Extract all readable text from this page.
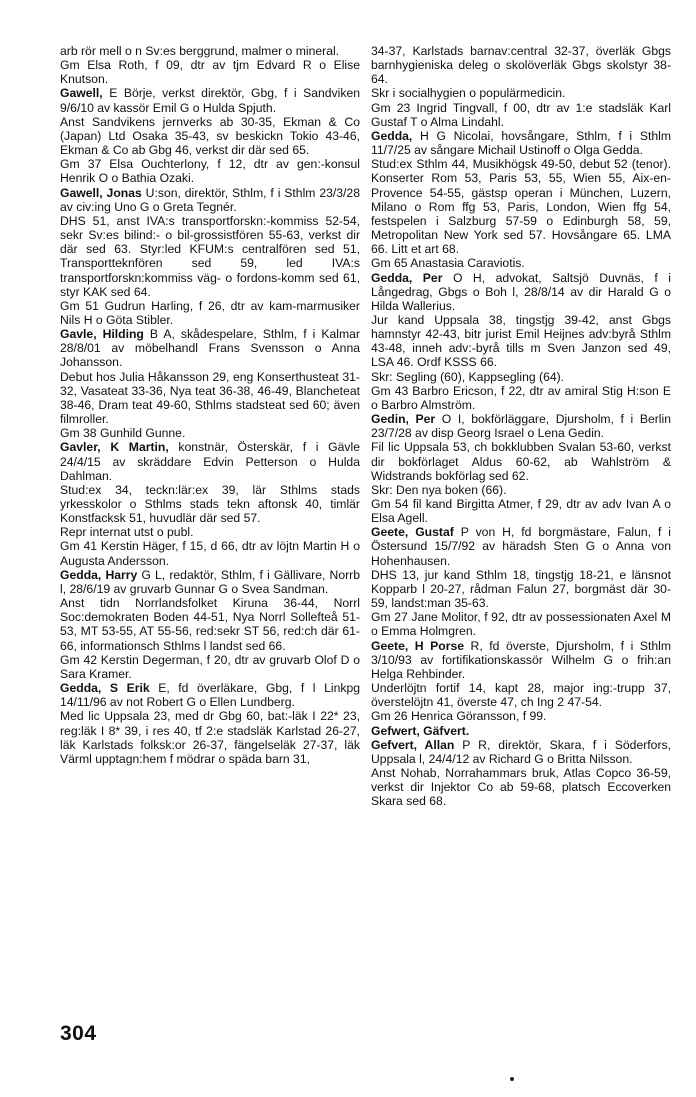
arb rör mell o n Sv:es berggrund, malmer o mineral.

Gm Elsa Roth, f 09, dtr av tjm Edvard R o Elise Knutson.

Gawell, E Börje, verkst direktör, Gbg, f i Sandviken 9/6/10 av kassör Emil G o Hulda Spjuth.

Anst Sandvikens jernverks ab 30-35, Ekman & Co (Japan) Ltd Osaka 35-43, sv beskickn Tokio 43-46, Ekman & Co ab Gbg 46, verkst dir där sed 65.

Gm 37 Elsa Ouchterlony, f 12, dtr av gen:-konsul Henrik O o Bathia Ozaki.

Gawell, Jonas U:son, direktör, Sthlm, f i Sthlm 23/3/28 av civ:ing Uno G o Greta Tegnér.

DHS 51, anst IVA:s transportforskn:-kommiss 52-54, sekr Sv:es bilind:- o bil-grossistfören 55-63, verkst dir där sed 63. Styr:led KFUM:s centralfören sed 51, Transportteknfören sed 59, led IVA:s transportforskn:kommiss väg- o fordons-komm sed 61, styr KAK sed 64.

Gm 51 Gudrun Harling, f 26, dtr av kam-marmusiker Nils H o Göta Stibler.

Gavle, Hilding B A, skådespelare, Sthlm, f i Kalmar 28/8/01 av möbelhandl Frans Svensson o Anna Johansson.

Debut hos Julia Håkansson 29, eng Konserthusteat 31-32, Vasateat 33-36, Nya teat 36-38, 46-49, Blancheteat 38-46, Dram teat 49-60, Sthlms stadsteat sed 60; även filmroller.

Gm 38 Gunhild Gunne.

Gavler, K Martin, konstnär, Österskär, f i Gävle 24/4/15 av skräddare Edvin Petterson o Hulda Dahlman.

Stud:ex 34, teckn:lär:ex 39, lär Sthlms stads yrkesskolor o Sthlms stads tekn aftonsk 40, timlär Konstfacksk 51, huvudlär där sed 57.

Repr internat utst o publ.

Gm 41 Kerstin Häger, f 15, d 66, dtr av löjtn Martin H o Augusta Andersson.

Gedda, Harry G L, redaktör, Sthlm, f i Gällivare, Norrb l, 28/6/19 av gruvarb Gunnar G o Svea Sandman.

Anst tidn Norrlandsfolket Kiruna 36-44, Norrl Soc:demokraten Boden 44-51, Nya Norrl Sollefteå 51-53, MT 53-55, AT 55-56, red:sekr ST 56, red:ch där 61-66, informationsch Sthlms l landst sed 66.

Gm 42 Kerstin Degerman, f 20, dtr av gruvarb Olof D o Sara Kramer.

Gedda, S Erik E, fd överläkare, Gbg, f l Linkpg 14/11/96 av not Robert G o Ellen Lundberg.

Med lic Uppsala 23, med dr Gbg 60, bat:-läk I 22* 23, reg:läk I 8* 39, i res 40, tf 2:e stadsläk Karlstad 26-27, läk Karlstads folksk:or 26-37, fängelseläk 27-37, läk Värml upptagn:hem f mödrar o späda barn 31,

34-37, Karlstads barnav:central 32-37, överläk Gbgs barnhygieniska deleg o skolöverläk Gbgs skolstyr 38-64.

Skr i socialhygien o populärmedicin.

Gm 23 Ingrid Tingvall, f 00, dtr av 1:e stadsläk Karl Gustaf T o Alma Lindahl.

Gedda, H G Nicolai, hovsångare, Sthlm, f i Sthlm 11/7/25 av sångare Michail Ustinoff o Olga Gedda.

Stud:ex Sthlm 44, Musikhögsk 49-50, debut 52 (tenor). Konserter Rom 53, Paris 53, 55, Wien 55, Aix-en-Provence 54-55, gästsp operan i München, Luzern, Milano o Rom ffg 53, Paris, London, Wien ffg 54, festspelen i Salzburg 57-59 o Edinburgh 58, 59, Metropolitan New York sed 57. Hovsångare 65. LMA 66. Litt et art 68.

Gm 65 Anastasia Caraviotis.

Gedda, Per O H, advokat, Saltsjö Duvnäs, f i Långedrag, Gbgs o Boh l, 28/8/14 av dir Harald G o Hilda Wallerius.

Jur kand Uppsala 38, tingstjg 39-42, anst Gbgs hamnstyr 42-43, bitr jurist Emil Heijnes adv:byrå Sthlm 43-48, inneh adv:-byrå tills m Sven Janzon sed 49, LSA 46. Ordf KSSS 66.

Skr: Segling (60), Kappsegling (64).

Gm 43 Barbro Ericson, f 22, dtr av amiral Stig H:son E o Barbro Almström.

Gedin, Per O I, bokförläggare, Djursholm, f i Berlin 23/7/28 av disp Georg Israel o Lena Gedin.

Fil lic Uppsala 53, ch bokklubben Svalan 53-60, verkst dir bokförlaget Aldus 60-62, ab Wahlström & Widstrands bokförlag sed 62.

Skr: Den nya boken (66).

Gm 54 fil kand Birgitta Atmer, f 29, dtr av adv Ivan A o Elsa Agell.

Geete, Gustaf P von H, fd borgmästare, Falun, f i Östersund 15/7/92 av häradsh Sten G o Anna von Hohenhausen.

DHS 13, jur kand Sthlm 18, tingstjg 18-21, e länsnot Kopparb l 20-27, rådman Falun 27, borgmäst där 30-59, landst:man 35-63.

Gm 27 Jane Molitor, f 92, dtr av possessionaten Axel M o Emma Holmgren.

Geete, H Porse R, fd överste, Djursholm, f i Sthlm 3/10/93 av fortifikationskassör Wilhelm G o frih:an Helga Rehbinder.

Underlöjtn fortif 14, kapt 28, major ing:-trupp 37, överstelöjtn 41, överste 47, ch Ing 2 47-54.

Gm 26 Henrica Göransson, f 99.

Gefwert, Gäfvert.

Gefvert, Allan P R, direktör, Skara, f i Söderfors, Uppsala l, 24/4/12 av Richard G o Britta Nilsson.

Anst Nohab, Norrahammars bruk, Atlas Copco 36-59, verkst dir Injektor Co ab 59-68, platsch Eccoverken Skara sed 68.

304
